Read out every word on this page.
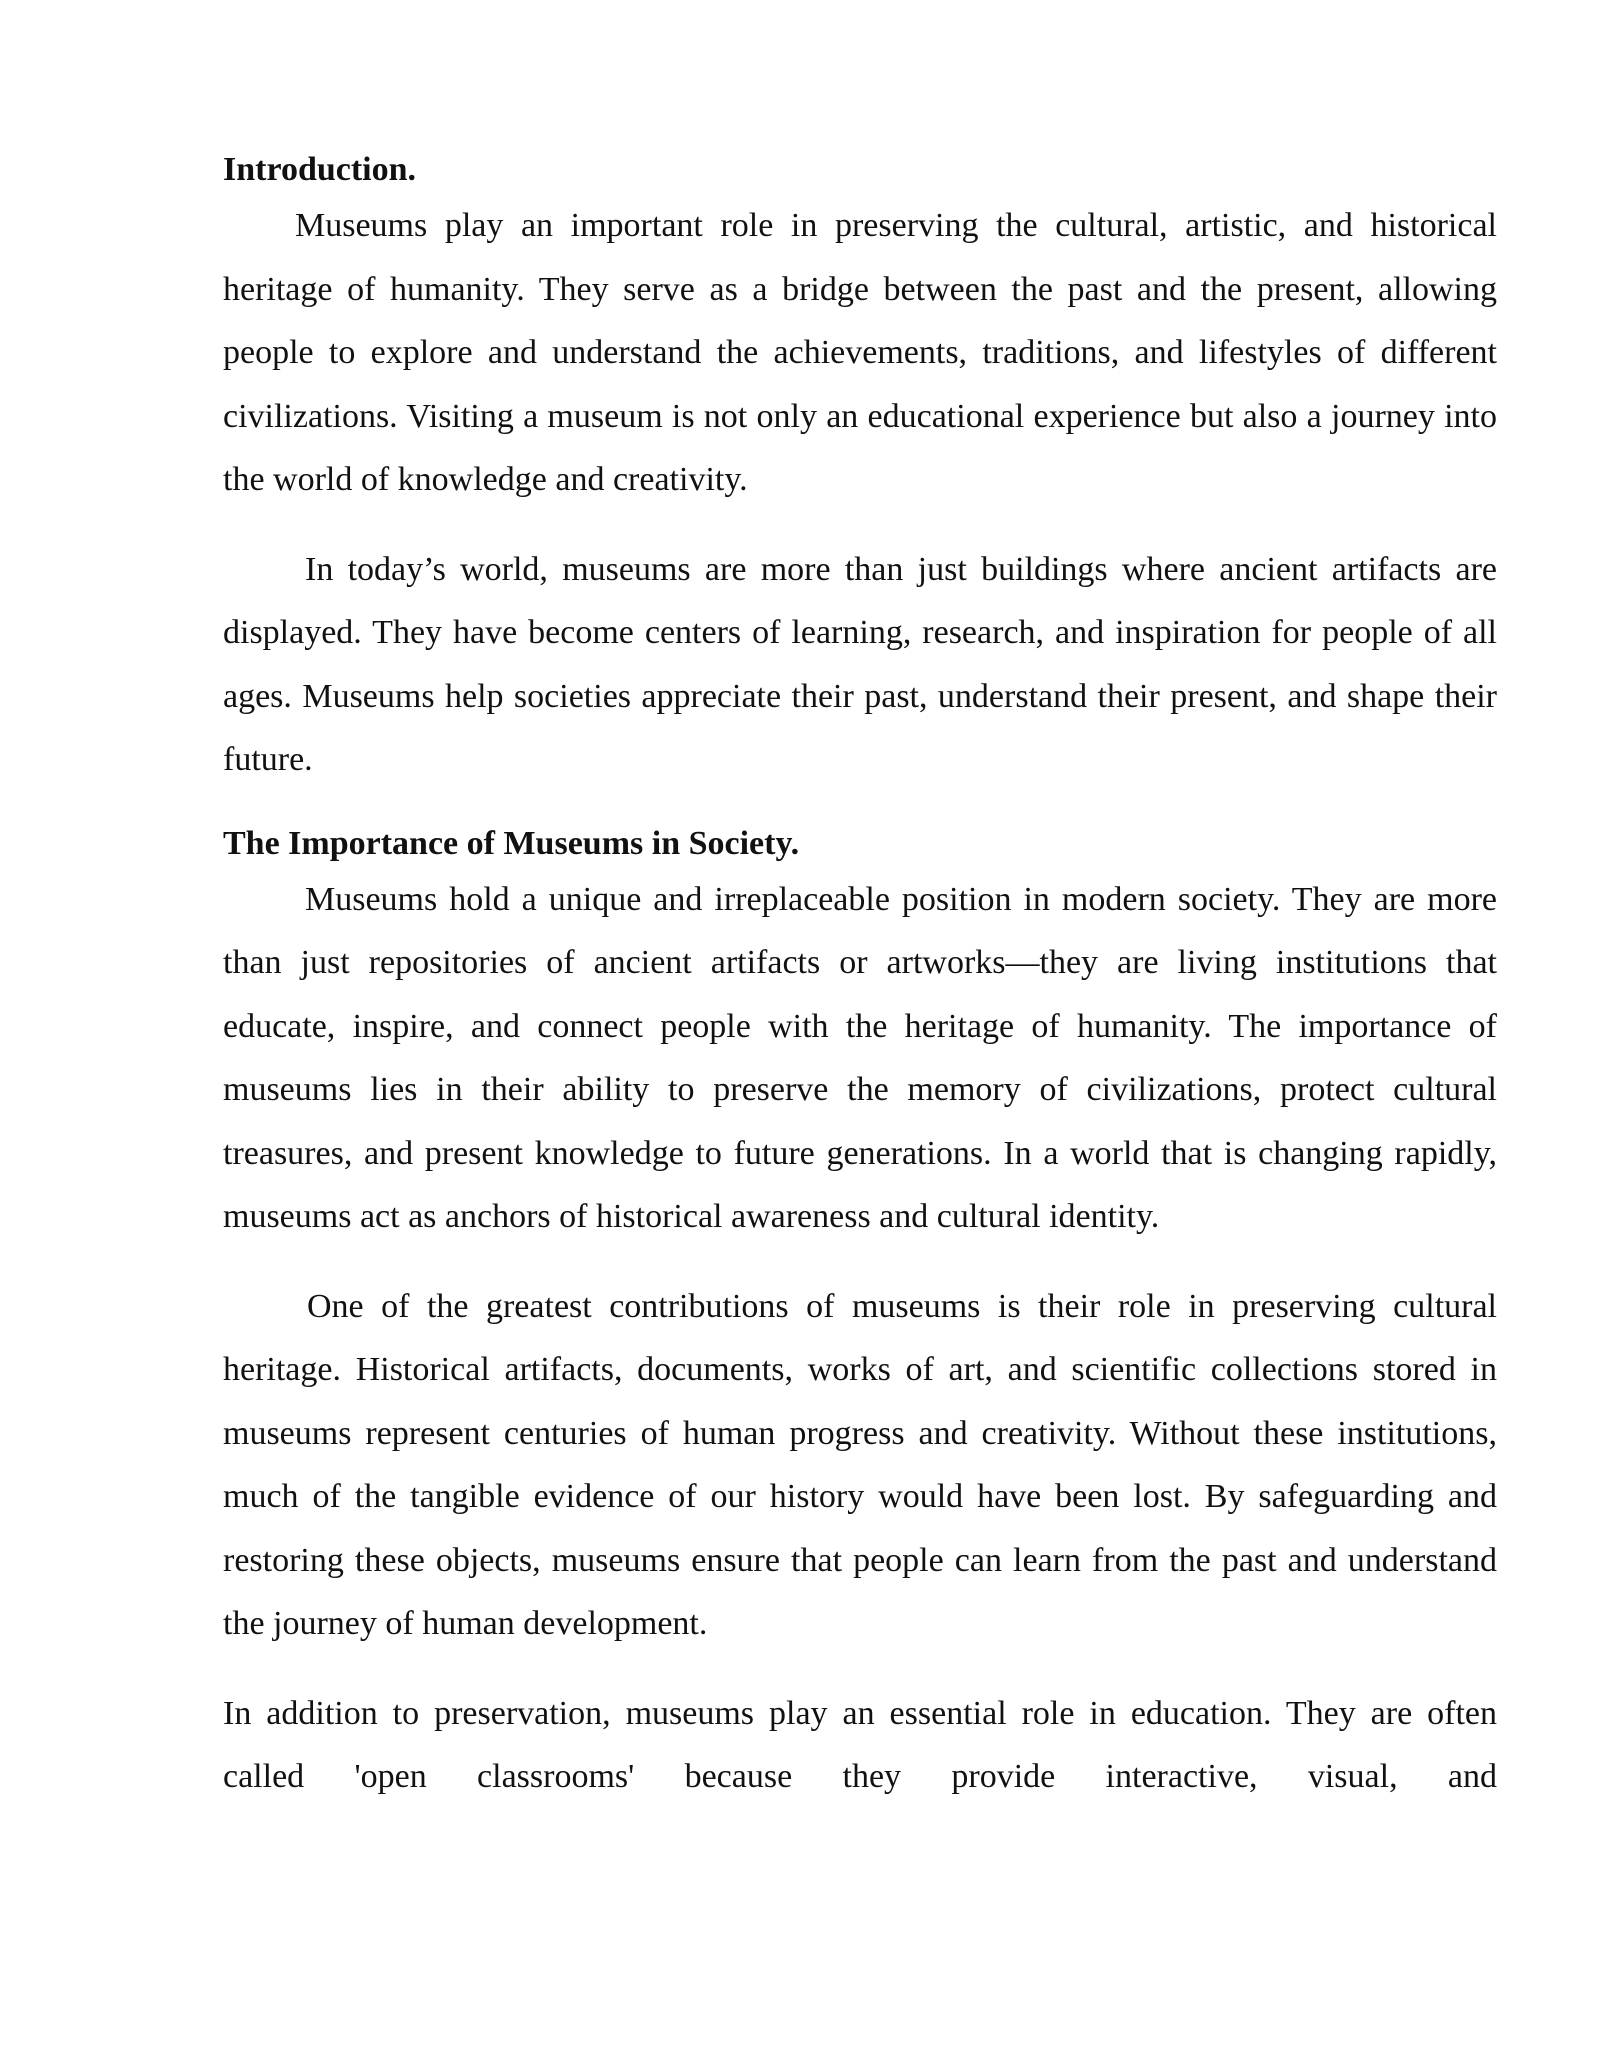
Introduction.

Museums play an important role in preserving the cultural, artistic, and historical heritage of humanity. They serve as a bridge between the past and the present, allowing people to explore and understand the achievements, traditions, and lifestyles of different civilizations. Visiting a museum is not only an educational experience but also a journey into the world of knowledge and creativity.

In today’s world, museums are more than just buildings where ancient artifacts are displayed. They have become centers of learning, research, and inspiration for people of all ages. Museums help societies appreciate their past, understand their present, and shape their future.

The Importance of Museums in Society.

Museums hold a unique and irreplaceable position in modern society. They are more than just repositories of ancient artifacts or artworks—they are living institutions that educate, inspire, and connect people with the heritage of humanity. The importance of museums lies in their ability to preserve the memory of civilizations, protect cultural treasures, and present knowledge to future generations. In a world that is changing rapidly, museums act as anchors of historical awareness and cultural identity.

One of the greatest contributions of museums is their role in preserving cultural heritage. Historical artifacts, documents, works of art, and scientific collections stored in museums represent centuries of human progress and creativity. Without these institutions, much of the tangible evidence of our history would have been lost. By safeguarding and restoring these objects, museums ensure that people can learn from the past and understand the journey of human development.

In addition to preservation, museums play an essential role in education. They are often called 'open classrooms' because they provide interactive, visual, and
